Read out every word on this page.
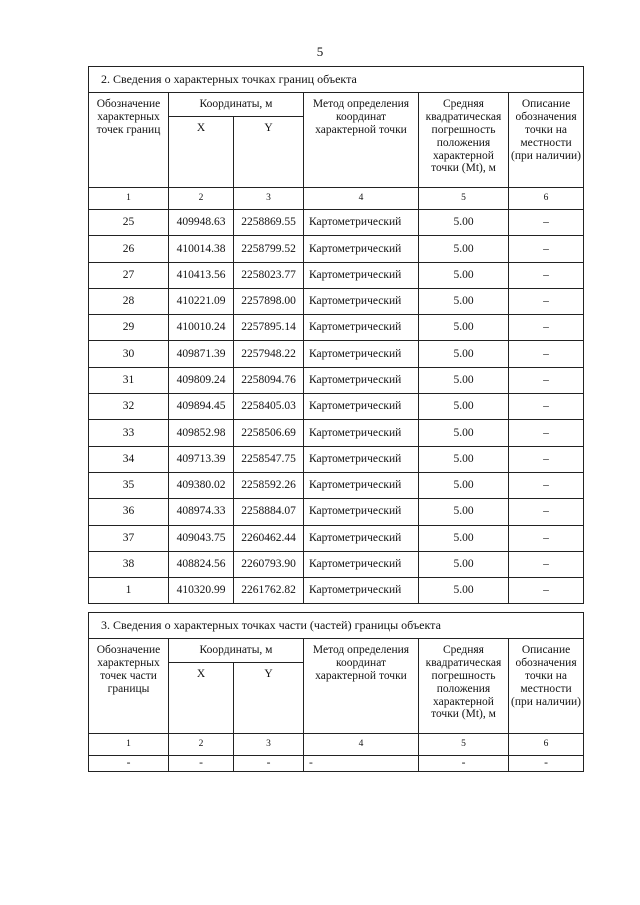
5
2. Сведения о характерных точках границ объекта					
Обозначение характерных точек границ	Координаты, м		Метод определения координат характерной точки	Средняя квадратическая погрешность положения характерной точки (Mt), м	Описание обозначения точки на местности (при наличии)
	X	Y			
1	2	3	4	5	6
25	409948.63	2258869.55	Картометрический	5.00	–
26	410014.38	2258799.52	Картометрический	5.00	–
27	410413.56	2258023.77	Картометрический	5.00	–
28	410221.09	2257898.00	Картометрический	5.00	–
29	410010.24	2257895.14	Картометрический	5.00	–
30	409871.39	2257948.22	Картометрический	5.00	–
31	409809.24	2258094.76	Картометрический	5.00	–
32	409894.45	2258405.03	Картометрический	5.00	–
33	409852.98	2258506.69	Картометрический	5.00	–
34	409713.39	2258547.75	Картометрический	5.00	–
35	409380.02	2258592.26	Картометрический	5.00	–
36	408974.33	2258884.07	Картометрический	5.00	–
37	409043.75	2260462.44	Картометрический	5.00	–
38	408824.56	2260793.90	Картометрический	5.00	–
1	410320.99	2261762.82	Картометрический	5.00	–
3. Сведения о характерных точках части (частей) границы объекта					
Обозначение характерных точек части границы	Координаты, м		Метод определения координат характерной точки	Средняя квадратическая погрешность положения характерной точки (Mt), м	Описание обозначения точки на местности (при наличии)
	X	Y			
1	2	3	4	5	6
-	-	-	-	-	-
